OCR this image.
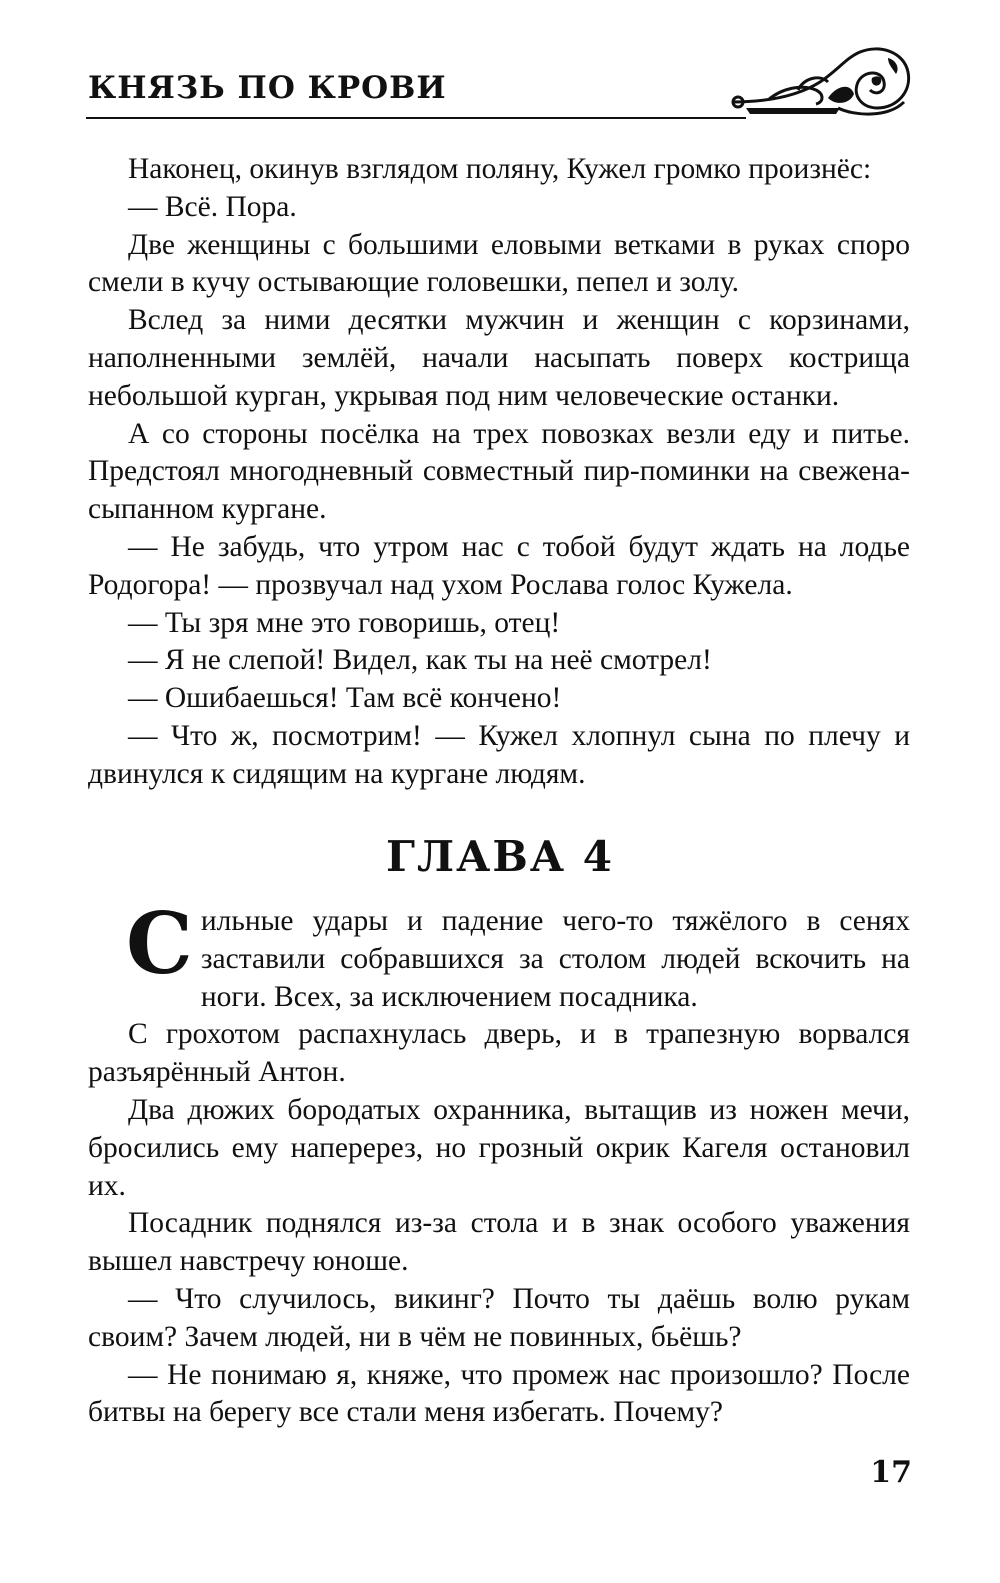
КНЯЗЬ ПО КРОВИ

Наконец, окинув взглядом поляну, Кужел громко произнёс:

— Всё. Пора.

Две женщины с большими еловыми ветками в руках споро смели в кучу остывающие головешки, пепел и золу.

Вслед за ними десятки мужчин и женщин с корзинами, наполненными землёй, начали насыпать поверх кострища небольшой курган, укрывая под ним человеческие останки.

А со стороны посёлка на трех повозках везли еду и питье. Предстоял многодневный совместный пир-поминки на свеженасыпанном кургане.

— Не забудь, что утром нас с тобой будут ждать на лодье Родогора! — прозвучал над ухом Рослава голос Кужела.

— Ты зря мне это говоришь, отец!

— Я не слепой! Видел, как ты на неё смотрел!

— Ошибаешься! Там всё кончено!

— Что ж, посмотрим! — Кужел хлопнул сына по плечу и двинулся к сидящим на кургане людям.

ГЛАВА 4

Сильные удары и падение чего-то тяжёлого в сенях заставили собравшихся за столом людей вскочить на ноги. Всех, за исключением посадника.

С грохотом распахнулась дверь, и в трапезную ворвался разъярённый Антон.

Два дюжих бородатых охранника, вытащив из ножен мечи, бросились ему наперерез, но грозный окрик Кагеля остановил их.

Посадник поднялся из-за стола и в знак особого уважения вышел навстречу юноше.

— Что случилось, викинг? Почто ты даёшь волю рукам своим? Зачем людей, ни в чём не повинных, бьёшь?

— Не понимаю я, княже, что промеж нас произошло? После битвы на берегу все стали меня избегать. Почему?

17
